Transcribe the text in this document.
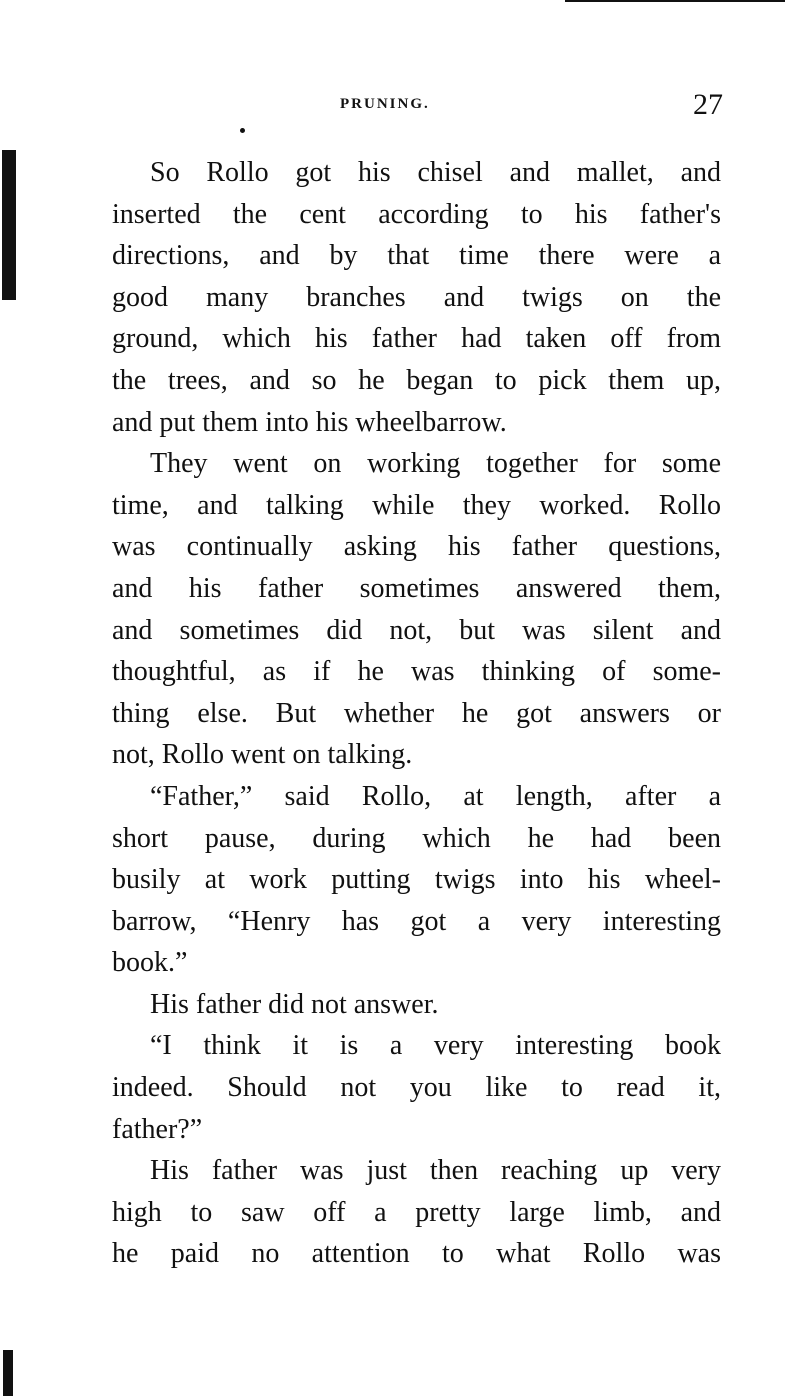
PRUNING.	27
So Rollo got his chisel and mallet, and
inserted the cent according to his father's
directions, and by that time there were a
good many branches and twigs on the
ground, which his father had taken off from
the trees, and so he began to pick them up,
and put them into his wheelbarrow.
They went on working together for some
time, and talking while they worked. Rollo
was continually asking his father questions,
and his father sometimes answered them,
and sometimes did not, but was silent and
thoughtful, as if he was thinking of some-
thing else. But whether he got answers or
not, Rollo went on talking.
“Father,” said Rollo, at length, after a
short pause, during which he had been
busily at work putting twigs into his wheel-
barrow, “Henry has got a very interesting
book.”
His father did not answer.
“I think it is a very interesting book
indeed. Should not you like to read it,
father?”
His father was just then reaching up very
high to saw off a pretty large limb, and
he paid no attention to what Rollo was
